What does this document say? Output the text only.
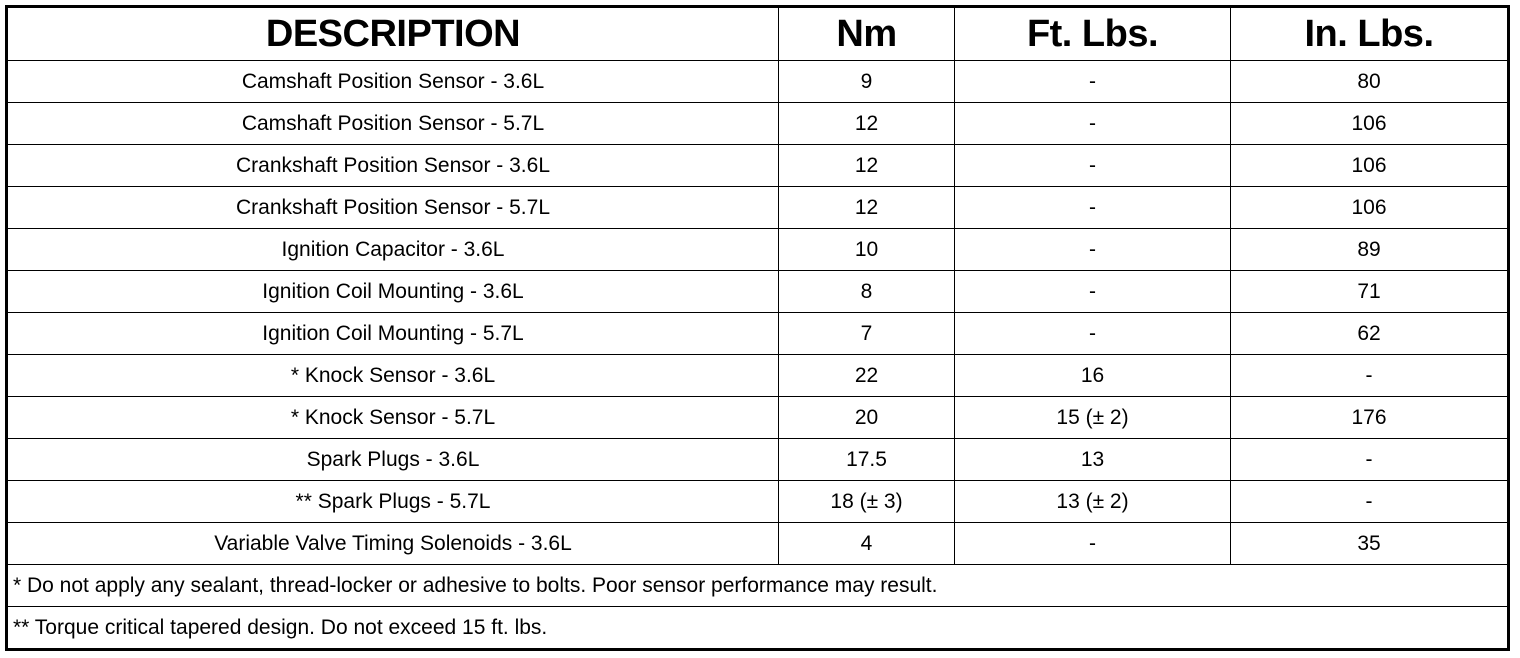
DESCRIPTION	Nm	Ft. Lbs.	In. Lbs.
Camshaft Position Sensor - 3.6L	9	-	80
Camshaft Position Sensor - 5.7L	12	-	106
Crankshaft Position Sensor - 3.6L	12	-	106
Crankshaft Position Sensor - 5.7L	12	-	106
Ignition Capacitor - 3.6L	10	-	89
Ignition Coil Mounting - 3.6L	8	-	71
Ignition Coil Mounting - 5.7L	7	-	62
* Knock Sensor - 3.6L	22	16	-
* Knock Sensor - 5.7L	20	15 (± 2)	176
Spark Plugs - 3.6L	17.5	13	-
** Spark Plugs - 5.7L	18 (± 3)	13 (± 2)	-
Variable Valve Timing Solenoids - 3.6L	4	-	35
* Do not apply any sealant, thread-locker or adhesive to bolts. Poor sensor performance may result.			
** Torque critical tapered design. Do not exceed 15 ft. lbs.			
